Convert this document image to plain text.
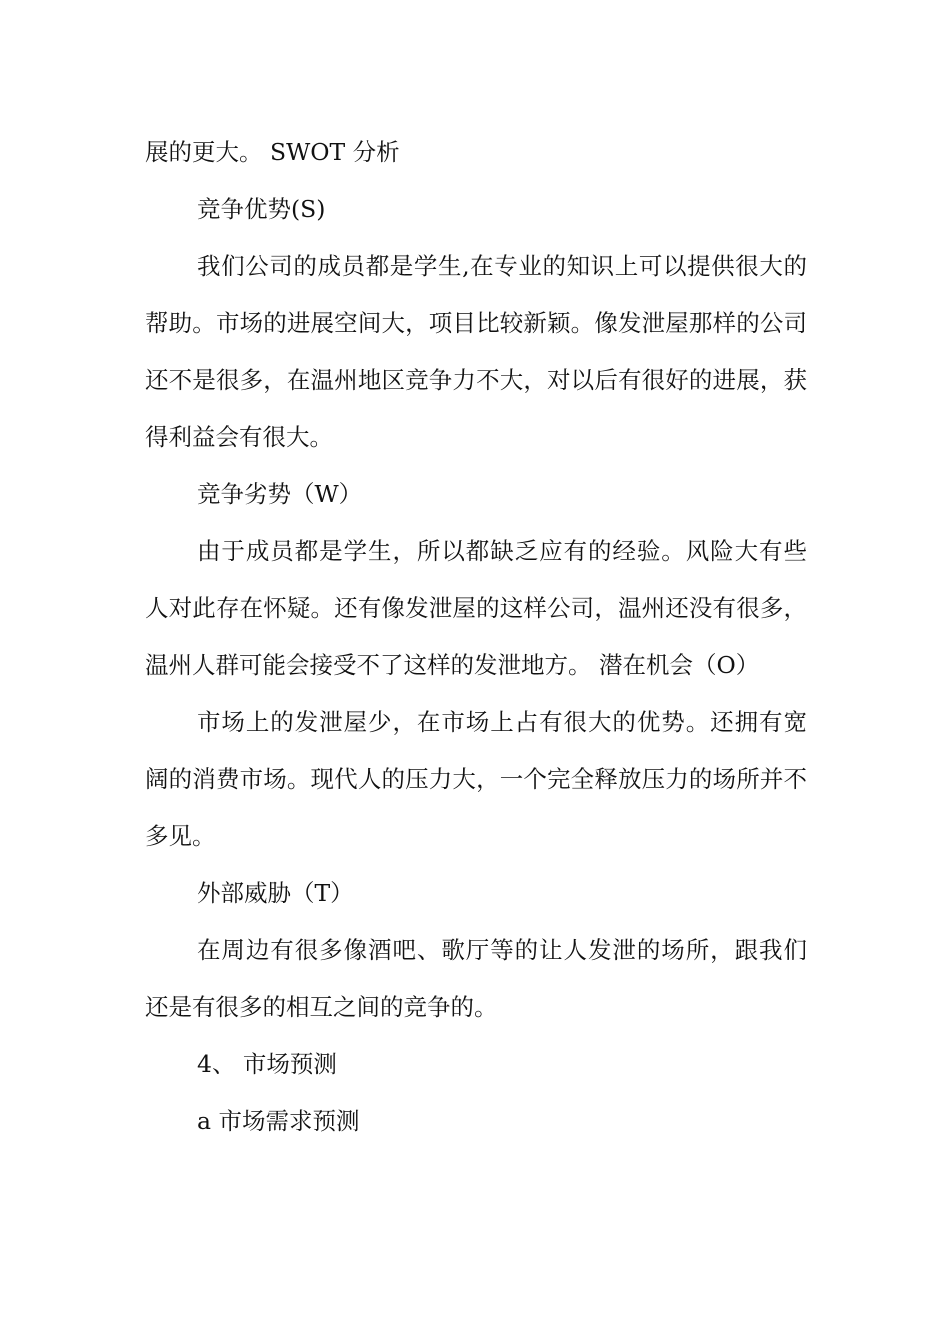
展的更大。 SWOT 分析

竞争优势(S)

我们公司的成员都是学生,在专业的知识上可以提供很大的帮助。市场的进展空间大，项目比较新颖。像发泄屋那样的公司还不是很多，在温州地区竞争力不大，对以后有很好的进展，获得利益会有很大。

竞争劣势（W）

由于成员都是学生，所以都缺乏应有的经验。风险大有些人对此存在怀疑。还有像发泄屋的这样公司，温州还没有很多，温州人群可能会接受不了这样的发泄地方。 潜在机会（O）

市场上的发泄屋少，在市场上占有很大的优势。还拥有宽阔的消费市场。现代人的压力大，一个完全释放压力的场所并不多见。

外部威胁（T）

在周边有很多像酒吧、歌厅等的让人发泄的场所，跟我们还是有很多的相互之间的竞争的。

4、 市场预测

a 市场需求预测
